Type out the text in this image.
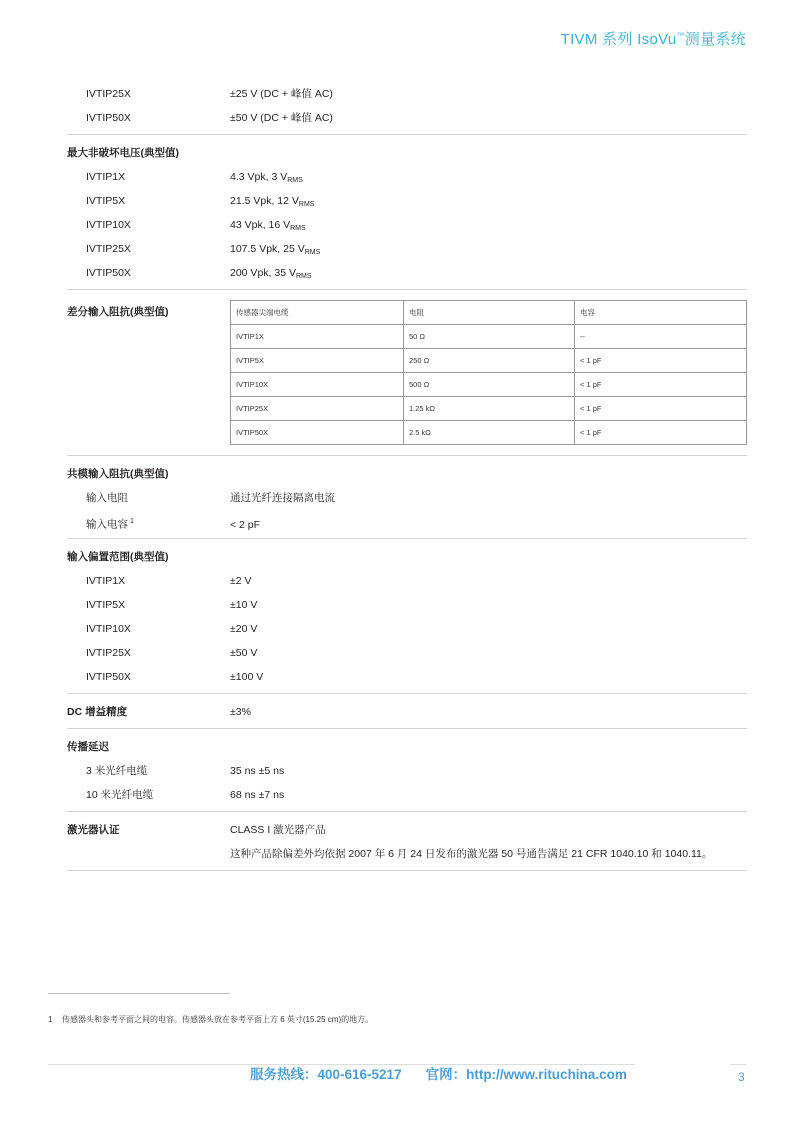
TIVM 系列 IsoVu™测量系统
IVTIP25X	±25 V (DC + 峰值 AC)
IVTIP50X	±50 V (DC + 峰值 AC)
最大非破坏电压(典型值)
IVTIP1X	4.3 Vpk, 3 $V_{RMS}$
IVTIP5X	21.5 Vpk, 12 $V_{RMS}$
IVTIP10X	43 Vpk, 16 $V_{RMS}$
IVTIP25X	107.5 Vpk, 25 $V_{RMS}$
IVTIP50X	200 Vpk, 35 $V_{RMS}$
差分输入阻抗(典型值)	传感器尖端电缆	电阻	电容
IVTIP1X	50 Ω	--
IVTIP5X	250 Ω	< 1 pF
IVTIP10X	500 Ω	< 1 pF
IVTIP25X	1.25 kΩ	< 1 pF
IVTIP50X	2.5 kΩ	< 1 pF
共模输入阻抗(典型值)
输入电阻	通过光纤连接隔离电流
输入电容 $^1$	< 2 pF
输入偏置范围(典型值)
IVTIP1X	±2 V
IVTIP5X	±10 V
IVTIP10X	±20 V
IVTIP25X	±50 V
IVTIP50X	±100 V
DC 增益精度	±3%
传播延迟
3 米光纤电缆	35 ns ±5 ns
10 米光纤电缆	68 ns ±7 ns
激光器认证	CLASS I 激光器产品
这种产品除偏差外均依据 2007 年 6 月 24 日发布的激光器 50 号通告满足 21 CFR 1040.10 和 1040.11。
1 传感器头和参考平面之间的电容。传感器头放在参考平面上方 6 英寸(15.25 cm)的地方。
服务热线：400-616-5217 官网：http://www.rituchina.com	3
